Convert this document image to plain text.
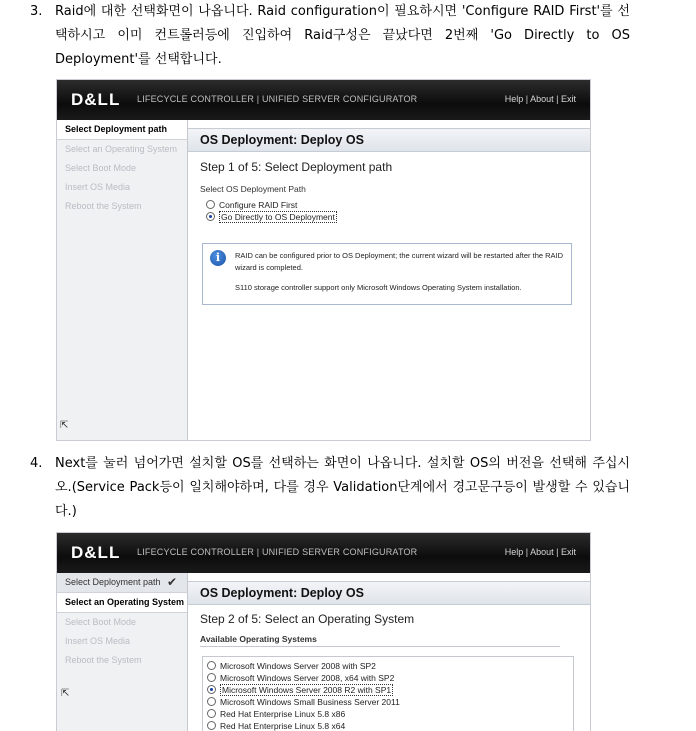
3. Raid에 대한 선택화면이 나옵니다. Raid configuration이 필요하시면 'Configure RAID First'를 선택하시고 이미 컨트롤러등에 진입하여 Raid구성은 끝났다면 2번째 'Go Directly to OS Deployment'를 선택합니다.
D&LL LIFECYCLE CONTROLLER | UNIFIED SERVER CONFIGURATOR	Help | About | Exit
Select Deployment path
Select an Operating System
Select Boot Mode
Insert OS Media
Reboot the System
⇱
OS Deployment: Deploy OS
Step 1 of 5: Select Deployment path
Select OS Deployment Path
Configure RAID First
Go Directly to OS Deployment
i	RAID can be configured prior to OS Deployment; the current wizard will be restarted after the RAID
wizard is completed.
S110 storage controller support only Microsoft Windows Operating System installation.
4. Next를 눌러 넘어가면 설치할 OS를 선택하는 화면이 나옵니다. 설치할 OS의 버전을 선택해 주십시오.(Service Pack등이 일치해야하며, 다를 경우 Validation단계에서 경고문구등이 발생할 수 있습니다.)
D&LL LIFECYCLE CONTROLLER | UNIFIED SERVER CONFIGURATOR	Help | About | Exit
Select Deployment path ✔
Select an Operating System
Select Boot Mode
Insert OS Media
Reboot the System
⇱
OS Deployment: Deploy OS
Step 2 of 5: Select an Operating System
Available Operating Systems
Microsoft Windows Server 2008 with SP2
Microsoft Windows Server 2008, x64 with SP2
Microsoft Windows Server 2008 R2 with SP1
Microsoft Windows Small Business Server 2011
Red Hat Enterprise Linux 5.8 x86
Red Hat Enterprise Linux 5.8 x64
